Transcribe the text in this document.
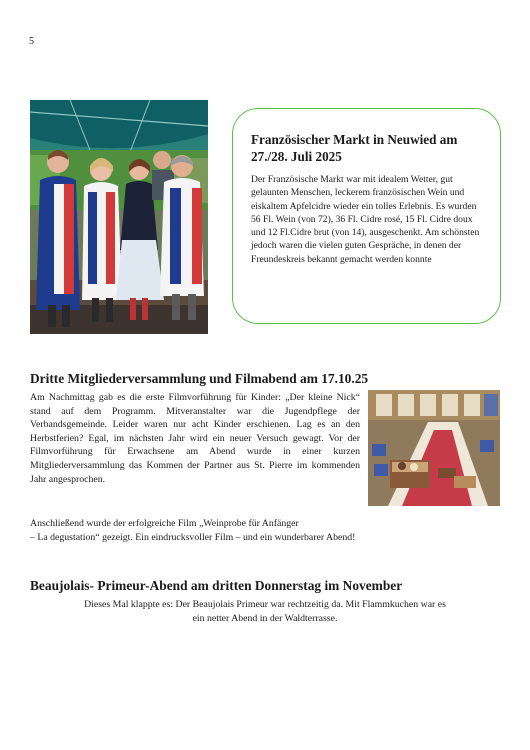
5

Französischer Markt in Neuwied am 27./28. Juli 2025

Der Französische Markt war mit idealem Wetter, gut gelaunten Menschen, leckerem französischen Wein und eiskaltem Apfelcidre wieder ein tolles Erlebnis. Es wurden 56 Fl. Wein (von 72), 36 Fl. Cidre rosé, 15 Fl. Cidre doux und 12 Fl.Cidre brut (von 14), ausgeschenkt. Am schönsten jedoch waren die vielen guten Gespräche, in denen der Freundeskreis bekannt gemacht werden konnte

Dritte Mitgliederversammlung und Filmabend am 17.10.25

Am Nachmittag gab es die erste Filmvorführung für Kinder: „Der kleine Nick“ stand auf dem Programm. Mitveranstalter war die Jugendpflege der Verbandsgemeinde. Leider waren nur acht Kinder erschienen. Lag es an den Herbstferien? Egal, im nächsten Jahr wird ein neuer Versuch gewagt. Vor der Filmvorführung für Erwachsene am Abend wurde in einer kurzen Mitgliederversammlung das Kommen der Partner aus St. Pierre im kommenden Jahr angesprochen.

Anschließend wurde der erfolgreiche Film „Weinprobe für Anfänger
– La degustation“ gezeigt. Ein eindrucksvoller Film – und ein wunderbarer Abend!

Beaujolais- Primeur-Abend am dritten Donnerstag im November

Dieses Mal klappte es: Der Beaujolais Primeur war rechtzeitig da. Mit Flammkuchen war es
ein netter Abend in der Waldterrasse.
